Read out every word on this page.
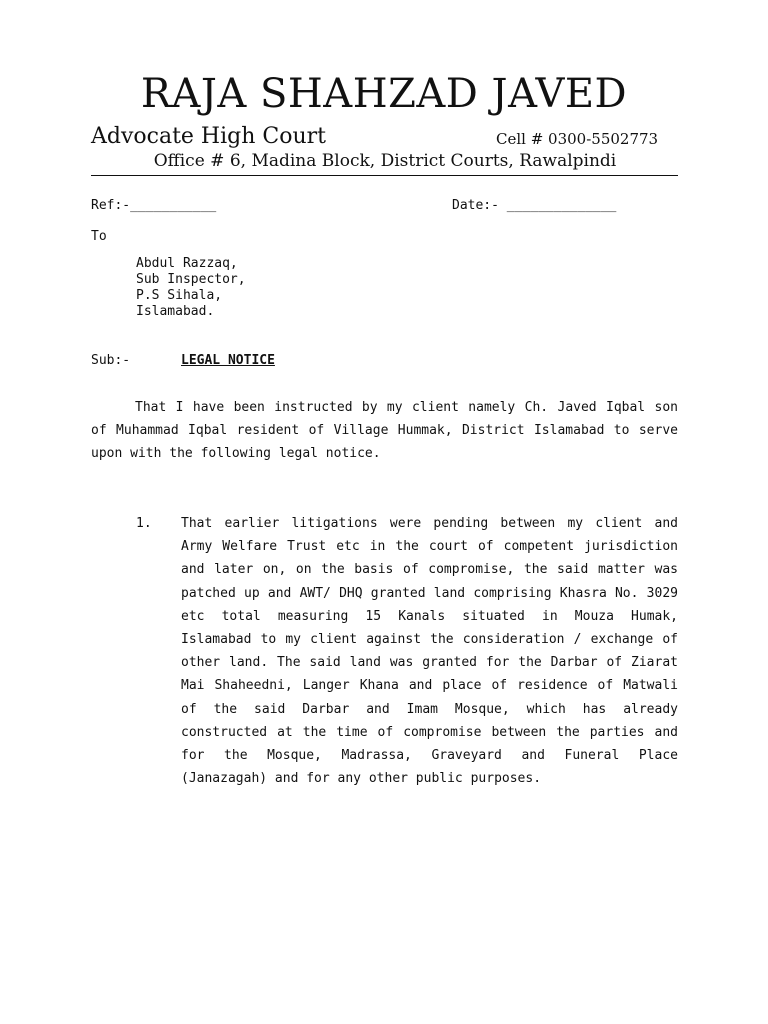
RAJA SHAHZAD JAVED
Advocate High Court	Cell # 0300-5502773
Office # 6, Madina Block, District Courts, Rawalpindi
Ref:-___________	Date:- ______________
To
Abdul Razzaq,
Sub Inspector,
P.S Sihala,
Islamabad.
Sub:-	LEGAL NOTICE
That I have been instructed by my client namely Ch. Javed Iqbal son of Muhammad Iqbal resident of Village Hummak, District Islamabad to serve upon with the following legal notice.
1. That earlier litigations were pending between my client and Army Welfare Trust etc in the court of competent jurisdiction and later on, on the basis of compromise, the said matter was patched up and AWT/ DHQ granted land comprising Khasra No. 3029 etc total measuring 15 Kanals situated in Mouza Humak, Islamabad to my client against the consideration / exchange of other land. The said land was granted for the Darbar of Ziarat Mai Shaheedni, Langer Khana and place of residence of Matwali of the said Darbar and Imam Mosque, which has already constructed at the time of compromise between the parties and for the Mosque, Madrassa, Graveyard and Funeral Place (Janazagah) and for any other public purposes.
